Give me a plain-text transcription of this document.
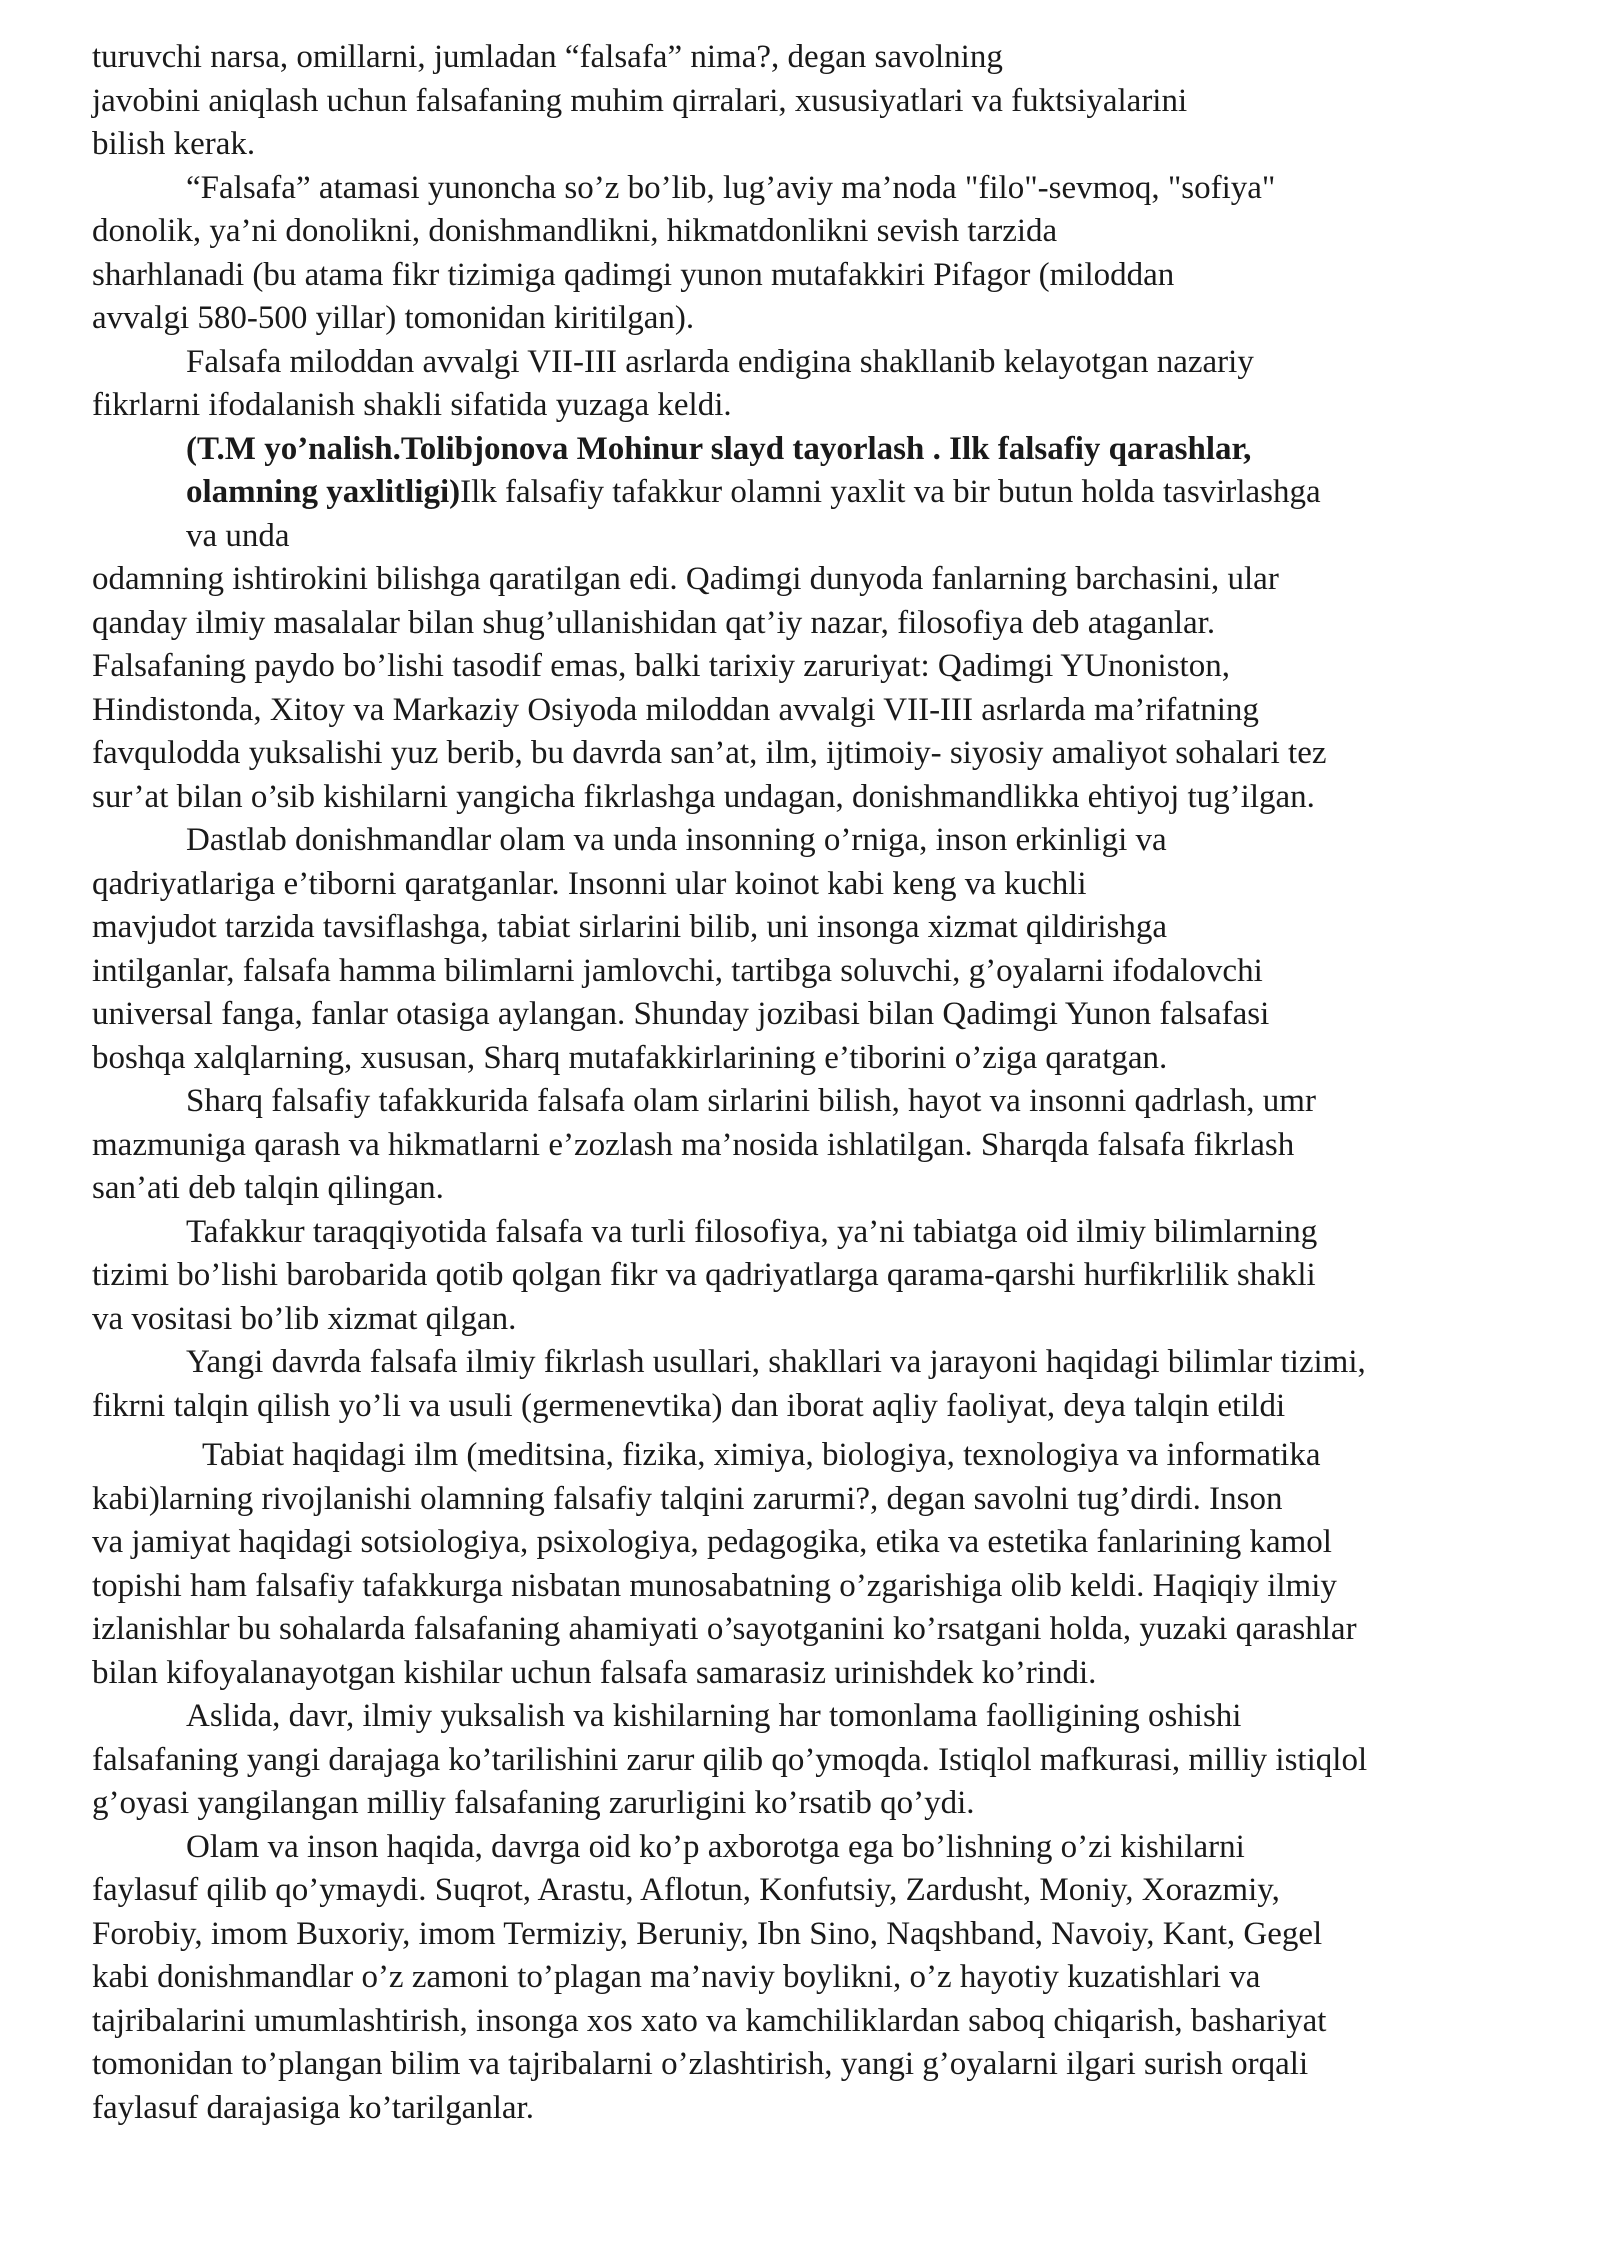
turuvchi narsa, omillarni, jumladan “falsafa” nima?, degan savolning
javobini aniqlash uchun falsafaning muhim qirralari, xususiyatlari va fuktsiyalarini
bilish kerak.
“Falsafa” atamasi yunoncha so’z bo’lib, lug’aviy ma’noda "filo"-sevmoq, "sofiya"
donolik, ya’ni donolikni, donishmandlikni, hikmatdonlikni sevish tarzida
sharhlanadi (bu atama fikr tizimiga qadimgi yunon mutafakkiri Pifagor (miloddan
avvalgi 580-500 yillar) tomonidan kiritilgan).
Falsafa miloddan avvalgi VII-III asrlarda endigina shakllanib kelayotgan nazariy
fikrlarni ifodalanish shakli sifatida yuzaga keldi.
(T.M yo’nalish.Tolibjonova Mohinur slayd tayorlash . Ilk falsafiy qarashlar,
olamning yaxlitligi)Ilk falsafiy tafakkur olamni yaxlit va bir butun holda tasvirlashga
va unda
odamning ishtirokini bilishga qaratilgan edi. Qadimgi dunyoda fanlarning barchasini, ular
qanday ilmiy masalalar bilan shug’ullanishidan qat’iy nazar, filosofiya deb ataganlar.
Falsafaning paydo bo’lishi tasodif emas, balki tarixiy zaruriyat: Qadimgi YUnoniston,
Hindistonda, Xitoy va Markaziy Osiyoda miloddan avvalgi VII-III asrlarda ma’rifatning
favqulodda yuksalishi yuz berib, bu davrda san’at, ilm, ijtimoiy- siyosiy amaliyot sohalari tez
sur’at bilan o’sib kishilarni yangicha fikrlashga undagan, donishmandlikka ehtiyoj tug’ilgan.
Dastlab donishmandlar olam va unda insonning o’rniga, inson erkinligi va
qadriyatlariga e’tiborni qaratganlar. Insonni ular koinot kabi keng va kuchli
mavjudot tarzida tavsiflashga, tabiat sirlarini bilib, uni insonga xizmat qildirishga
intilganlar, falsafa hamma bilimlarni jamlovchi, tartibga soluvchi, g’oyalarni ifodalovchi
universal fanga, fanlar otasiga aylangan. Shunday jozibasi bilan Qadimgi Yunon falsafasi
boshqa xalqlarning, xususan, Sharq mutafakkirlarining e’tiborini o’ziga qaratgan.
Sharq falsafiy tafakkurida falsafa olam sirlarini bilish, hayot va insonni qadrlash, umr
mazmuniga qarash va hikmatlarni e’zozlash ma’nosida ishlatilgan. Sharqda falsafa fikrlash
san’ati deb talqin qilingan.
Tafakkur taraqqiyotida falsafa va turli filosofiya, ya’ni tabiatga oid ilmiy bilimlarning
tizimi bo’lishi barobarida qotib qolgan fikr va qadriyatlarga qarama-qarshi hurfikrlilik shakli
va vositasi bo’lib xizmat qilgan.
Yangi davrda falsafa ilmiy fikrlash usullari, shakllari va jarayoni haqidagi bilimlar tizimi,
fikrni talqin qilish yo’li va usuli (germenevtika) dan iborat aqliy faoliyat, deya talqin etildi
Tabiat haqidagi ilm (meditsina, fizika, ximiya, biologiya, texnologiya va informatika
kabi)larning rivojlanishi olamning falsafiy talqini zarurmi?, degan savolni tug’dirdi. Inson
va jamiyat haqidagi sotsiologiya, psixologiya, pedagogika, etika va estetika fanlarining kamol
topishi ham falsafiy tafakkurga nisbatan munosabatning o’zgarishiga olib keldi. Haqiqiy ilmiy
izlanishlar bu sohalarda falsafaning ahamiyati o’sayotganini ko’rsatgani holda, yuzaki qarashlar
bilan kifoyalanayotgan kishilar uchun falsafa samarasiz urinishdek ko’rindi.
Aslida, davr, ilmiy yuksalish va kishilarning har tomonlama faolligining oshishi
falsafaning yangi darajaga ko’tarilishini zarur qilib qo’ymoqda. Istiqlol mafkurasi, milliy istiqlol
g’oyasi yangilangan milliy falsafaning zarurligini ko’rsatib qo’ydi.
Olam va inson haqida, davrga oid ko’p axborotga ega bo’lishning o’zi kishilarni
faylasuf qilib qo’ymaydi. Suqrot, Arastu, Aflotun, Konfutsiy, Zardusht, Moniy, Xorazmiy,
Forobiy, imom Buxoriy, imom Termiziy, Beruniy, Ibn Sino, Naqshband, Navoiy, Kant, Gegel
kabi donishmandlar o’z zamoni to’plagan ma’naviy boylikni, o’z hayotiy kuzatishlari va
tajribalarini umumlashtirish, insonga xos xato va kamchiliklardan saboq chiqarish, bashariyat
tomonidan to’plangan bilim va tajribalarni o’zlashtirish, yangi g’oyalarni ilgari surish orqali
faylasuf darajasiga ko’tarilganlar.
